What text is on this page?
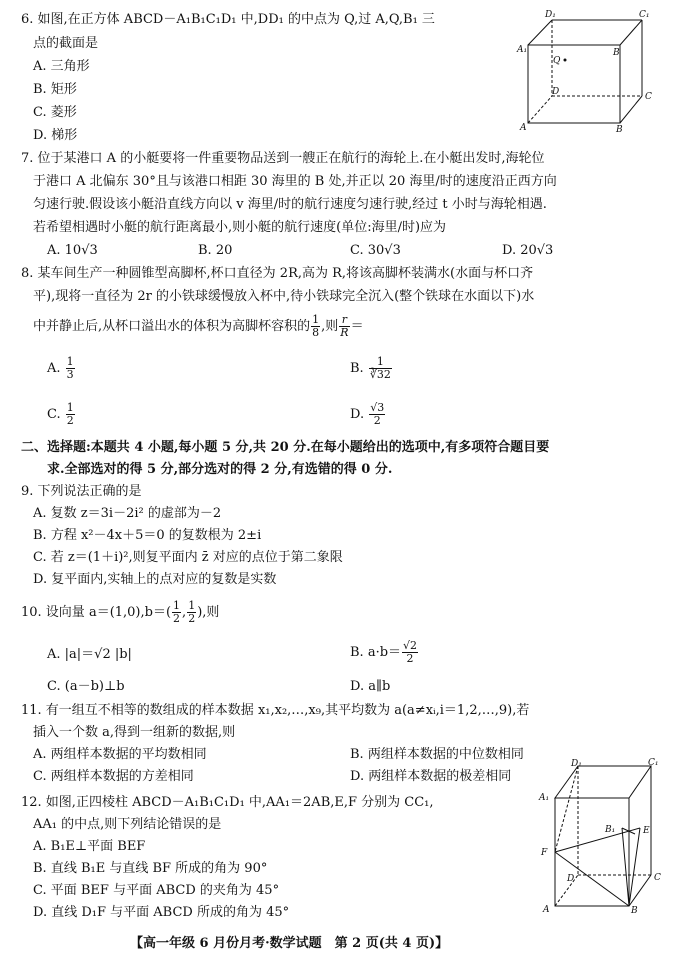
6. 如图,在正方体 ABCD－A₁B₁C₁D₁ 中,DD₁ 的中点为 Q,过 A,Q,B₁ 三
点的截面是
A. 三角形
B. 矩形
C. 菱形
D. 梯形
D₁	C₁
A₁	B
Q
D	C
A	B
7. 位于某港口 A 的小艇要将一件重要物品送到一艘正在航行的海轮上.在小艇出发时,海轮位
于港口 A 北偏东 30°且与该港口相距 30 海里的 B 处,并正以 20 海里/时的速度沿正西方向
匀速行驶.假设该小艇沿直线方向以 v 海里/时的航行速度匀速行驶,经过 t 小时与海轮相遇.
若希望相遇时小艇的航行距离最小,则小艇的航行速度(单位:海里/时)应为
A. 10√3	B. 20	C. 30√3	D. 20√3
8. 某车间生产一种圆锥型高脚杯,杯口直径为 2R,高为 R,将该高脚杯装满水(水面与杯口齐
平),现将一直径为 2r 的小铁球缓慢放入杯中,待小铁球完全沉入(整个铁球在水面以下)水
中并静止后,从杯口溢出水的体积为高脚杯容积的 $\frac{1}{8}$ ,则 $\frac{r}{R}$ ＝
A. $\frac{1}{3}$	B. $\frac{1}{∛32}$
C. $\frac{1}{2}$	D. $\frac{√3}{2}$
二、选择题:本题共 4 小题,每小题 5 分,共 20 分.在每小题给出的选项中,有多项符合题目要
求.全部选对的得 5 分,部分选对的得 2 分,有选错的得 0 分.
9. 下列说法正确的是
A. 复数 z＝3i－2i² 的虚部为－2
B. 方程 x²－4x＋5＝0 的复数根为 2±i
C. 若 z＝(1＋i)²,则复平面内 z̄ 对应的点位于第二象限
D. 复平面内,实轴上的点对应的复数是实数
10. 设向量 $a=(1,0),b=( \frac{1}{2}$ , $\frac{1}{2}$ ),则
A. |a|＝√2 |b|	B. $a\cdot b= \frac{√2}{2}$
C. (a－b)⊥b	D. a∥b
11. 有一组互不相等的数组成的样本数据 x₁,x₂,…,x₉,其平均数为 a(a≠xᵢ,i＝1,2,…,9),若
插入一个数 a,得到一组新的数据,则
A. 两组样本数据的平均数相同	B. 两组样本数据的中位数相同
C. 两组样本数据的方差相同	D. 两组样本数据的极差相同
12. 如图,正四棱柱 ABCD－A₁B₁C₁D₁ 中,AA₁＝2AB,E,F 分别为 CC₁,
AA₁ 的中点,则下列结论错误的是
A. B₁E⊥平面 BEF
B. 直线 B₁E 与直线 BF 所成的角为 90°
C. 平面 BEF 与平面 ABCD 的夹角为 45°
D. 直线 D₁F 与平面 ABCD 所成的角为 45°
D₁	C₁
A₁
B₁	E
F
D	C
A	B
【高一年级 6 月份月考·数学试题　第 2 页(共 4 页)】
